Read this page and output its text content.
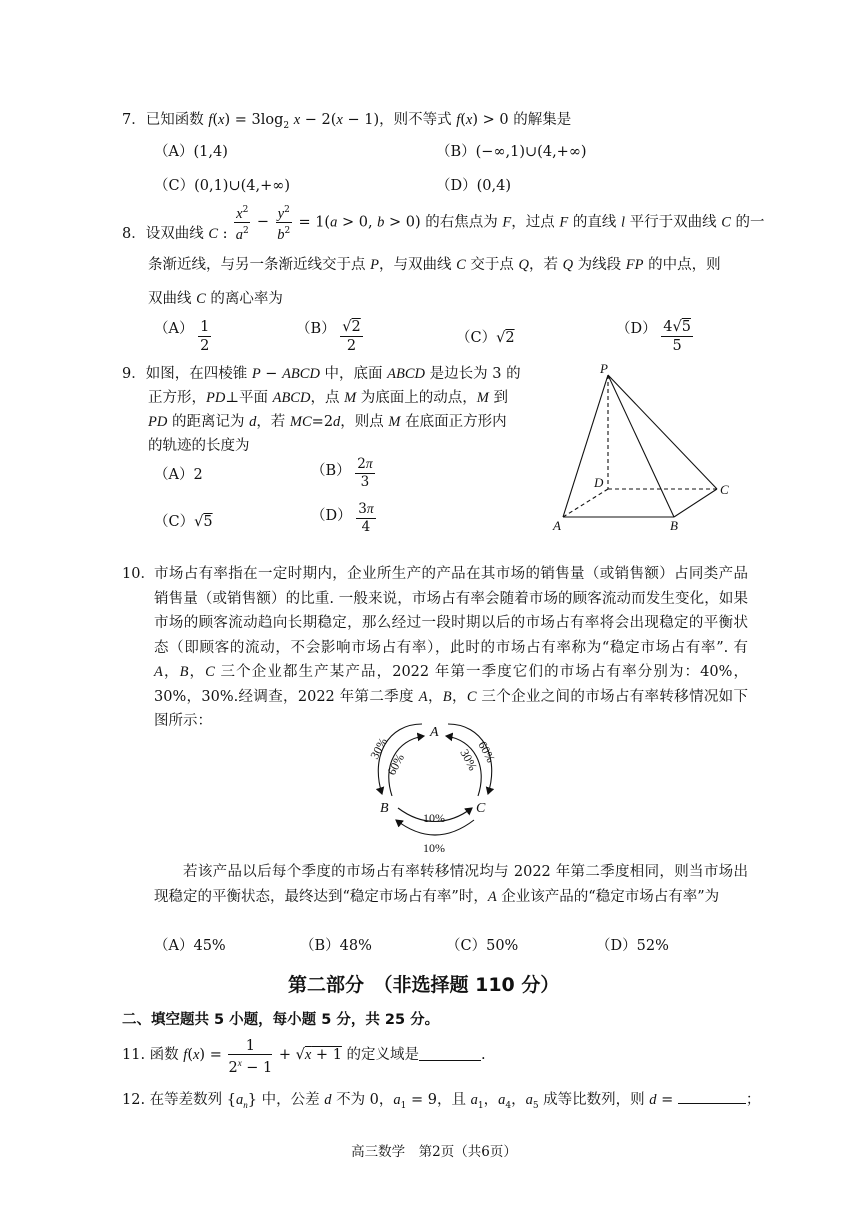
7．已知函数 $f(x) = 3\log_2$ x − 2(x − 1)，则不等式 f(x) > 0 的解集是
（A）(1,4)	（B）(−∞,1)∪(4,+∞)
（C）(0,1)∪(4,+∞)	（D）(0,4)
8．设双曲线 C : $\frac{x^2}{a^2} - \frac{y^2}{b^2} = 1(a > 0$, b > 0) 的右焦点为 F，过点 F 的直线 l 平行于双曲线 C 的一
条渐近线，与另一条渐近线交于点 P，与双曲线 C 交于点 Q，若 Q 为线段 FP 的中点，则
双曲线 C 的离心率为
$(A) \frac{1}{2}$	$(B) \frac{√2}{2}$	（C）√2
$(D) \frac{4√5}{5}$
9．如图，在四棱锥 P − ABCD 中，底面 ABCD 是边长为 3 的
正方形，PD⊥平面 ABCD，点 M 为底面上的动点，M 到
PD 的距离记为 d，若 MC=2d，则点 M 在底面正方形内
的轨迹的长度为
（A）2	$(B) \frac{2\pi}{3}$
（C）√5	$(D) \frac{3\pi}{4}$
P
D	C
A	B
10． 市场占有率指在一定时期内，企业所生产的产品在其市场的销售量（或销售额）占同类产品销售量（或销售额）的比重. 一般来说，市场占有率会随着市场的顾客流动而发生变化，如果市场的顾客流动趋向长期稳定，那么经过一段时期以后的市场占有率将会出现稳定的平衡状态（即顾客的流动，不会影响市场占有率），此时的市场占有率称为“稳定市场占有率”. 有 A，B，C 三个企业都生产某产品，2022 年第一季度它们的市场占有率分别为：40%，30%，30%.经调查，2022 年第二季度 A，B，C 三个企业之间的市场占有率转移情况如下图所示：
A
B	C
30%
60%	60%
30%
10%
10%
若该产品以后每个季度的市场占有率转移情况均与 2022 年第二季度相同，则当市场出现稳定的平衡状态，最终达到“稳定市场占有率”时，A 企业该产品的“稳定市场占有率”为
（A）45%	（B）48%	（C）50%	（D）52%
第二部分　（非选择题 110 分）
二、填空题共 5 小题，每小题 5 分，共 25 分。
11. 函数 $f(x) = \frac{1}{2^x - 1} + √x + 1$ 的定义域是	.
12. 在等差数列 $\{a_n\}$ 中，公差 d 不为 0，$a_1 = 9$，且 $a_1$，$a_4$，$a_5$ 成等比数列，则 d =	；
高三数学　第2页（共6页）
